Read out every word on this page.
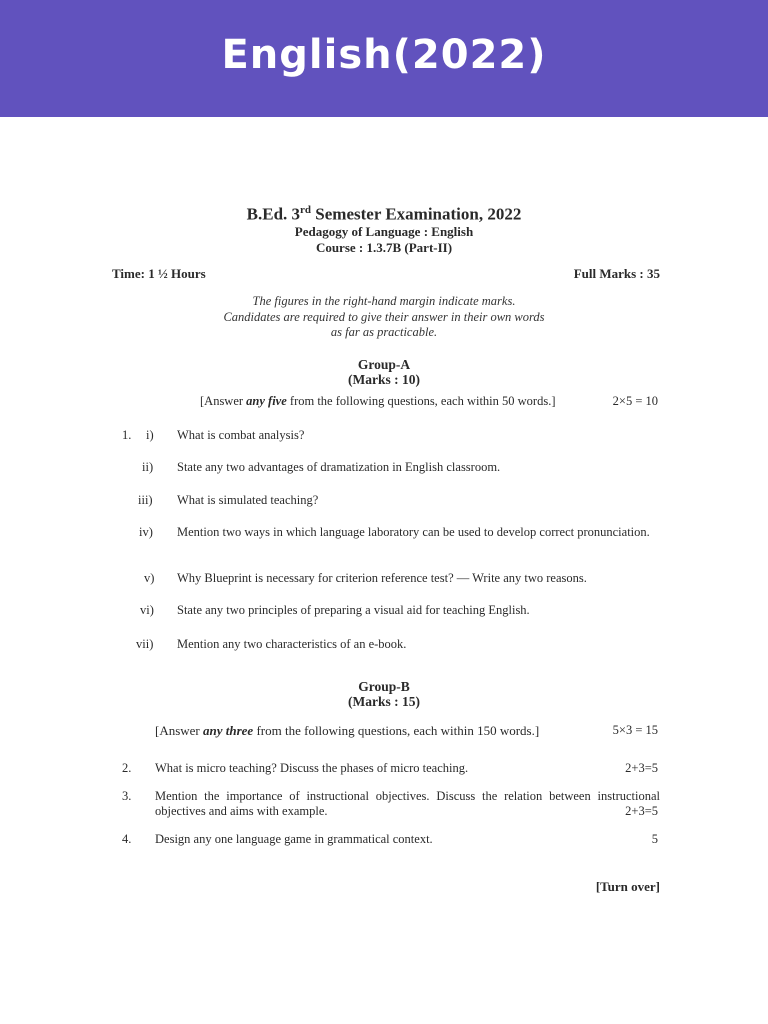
English(2022)
B.Ed. 3rd Semester Examination, 2022
Pedagogy of Language : English
Course : 1.3.7B (Part-II)
Time: 1 ½ Hours	Full Marks : 35
The figures in the right-hand margin indicate marks.
Candidates are required to give their answer in their own words
as far as practicable.
Group-A
(Marks : 10)
[Answer any five from the following questions, each within 50 words.]	2×5 = 10
1. i) What is combat analysis?
ii) State any two advantages of dramatization in English classroom.
iii) What is simulated teaching?
iv) Mention two ways in which language laboratory can be used to develop correct pronunciation.
v) Why Blueprint is necessary for criterion reference test? — Write any two reasons.
vi) State any two principles of preparing a visual aid for teaching English.
vii) Mention any two characteristics of an e-book.
Group-B
(Marks : 15)
[Answer any three from the following questions, each within 150 words.]	5×3 = 15
2. What is micro teaching? Discuss the phases of micro teaching.	2+3=5
3. Mention the importance of instructional objectives. Discuss the relation between instructional objectives and aims with example.	2+3=5
4. Design any one language game in grammatical context.	5
[Turn over]
